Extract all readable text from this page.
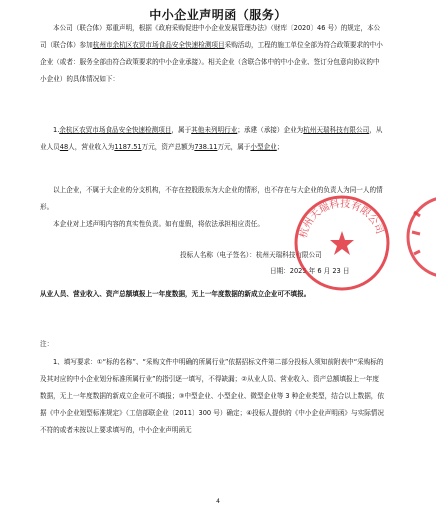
中小企业声明函（服务）
本公司（联合体）郑重声明，根据《政府采购促进中小企业发展管理办法》（财库〔2020〕46 号）的规定，本公司（联合体）参加杭州市余杭区农贸市场食品安全快速检测项目采购活动，工程的施工单位全部为符合政策要求的中小企业（或者：服务全部由符合政策要求的中小企业承接）。相关企业（含联合体中的中小企业、签订分包意向协议的中小企业）的具体情况如下：
1.余杭区农贸市场食品安全快速检测项目，属于其他未列明行业；承建（承接）企业为杭州天瑞科技有限公司，从业人员48人，营业收入为1187.51万元，资产总额为738.11万元，属于小型企业；
以上企业，不属于大企业的分支机构，不存在控股股东为大企业的情形，也不存在与大企业的负责人为同一人的情形。
本企业对上述声明内容的真实性负责。如有虚假，将依法承担相应责任。
投标人名称（电子签名）：杭州天瑞科技有限公司
日期：2025 年 6 月 23 日
从业人员、营业收入、资产总额填报上一年度数据，无上一年度数据的新成立企业可不填报。
注：
1、填写要求：①“标的名称”、“采购文件中明确的所属行业”依据招标文件第二部分投标人须知前附表中“采购标的及其对应的中小企业划分标准所属行业”的指引逐一填写，不得缺漏；②从业人员、营业收入、资产总额填报上一年度数据，无上一年度数据的新成立企业可不填报；③中型企业、小型企业、微型企业等 3 种企业类型，结合以上数据，依据《中小企业划型标准规定》（工信部联企业〔2011〕300 号）确定；④投标人提供的《中小企业声明函》与实际情况不符的或者未按以上要求填写的，中小企业声明函无
杭州天瑞科技有限公司
4
